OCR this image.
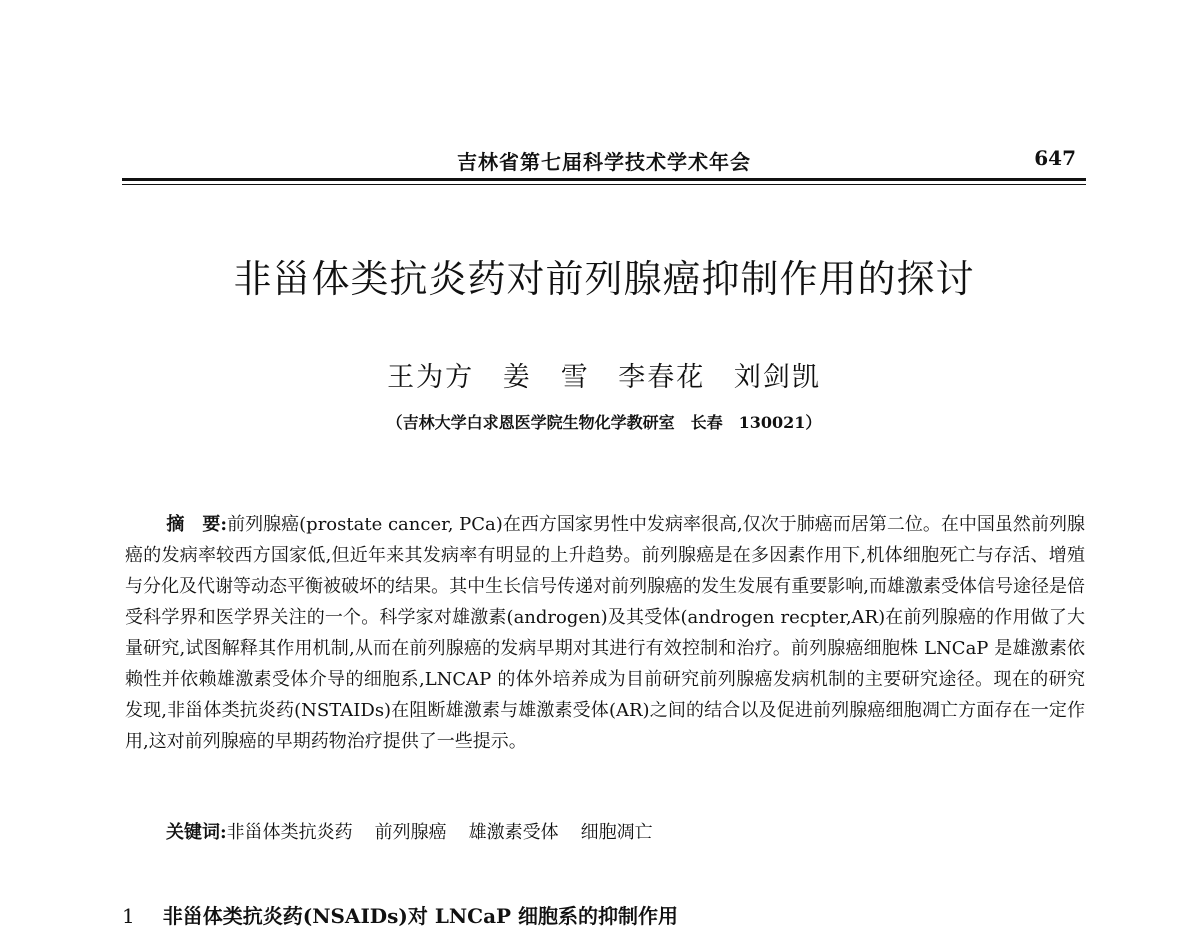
吉林省第七届科学技术学术年会	647
非甾体类抗炎药对前列腺癌抑制作用的探讨
王为方 姜　雪 李春花 刘剑凯
（吉林大学白求恩医学院生物化学教研室　长春　130021）
摘　要:前列腺癌(prostate cancer, PCa)在西方国家男性中发病率很高,仅次于肺癌而居第二位。在中国虽然前列腺癌的发病率较西方国家低,但近年来其发病率有明显的上升趋势。前列腺癌是在多因素作用下,机体细胞死亡与存活、增殖与分化及代谢等动态平衡被破坏的结果。其中生长信号传递对前列腺癌的发生发展有重要影响,而雄激素受体信号途径是倍受科学界和医学界关注的一个。科学家对雄激素(androgen)及其受体(androgen recpter,AR)在前列腺癌的作用做了大量研究,试图解释其作用机制,从而在前列腺癌的发病早期对其进行有效控制和治疗。前列腺癌细胞株 LNCaP 是雄激素依赖性并依赖雄激素受体介导的细胞系,LNCAP 的体外培养成为目前研究前列腺癌发病机制的主要研究途径。现在的研究发现,非甾体类抗炎药(NSTAIDs)在阻断雄激素与雄激素受体(AR)之间的结合以及促进前列腺癌细胞凋亡方面存在一定作用,这对前列腺癌的早期药物治疗提供了一些提示。
关键词:非甾体类抗炎药 前列腺癌 雄激素受体 细胞凋亡
1 非甾体类抗炎药(NSAIDs)对 LNCaP 细胞系的抑制作用
